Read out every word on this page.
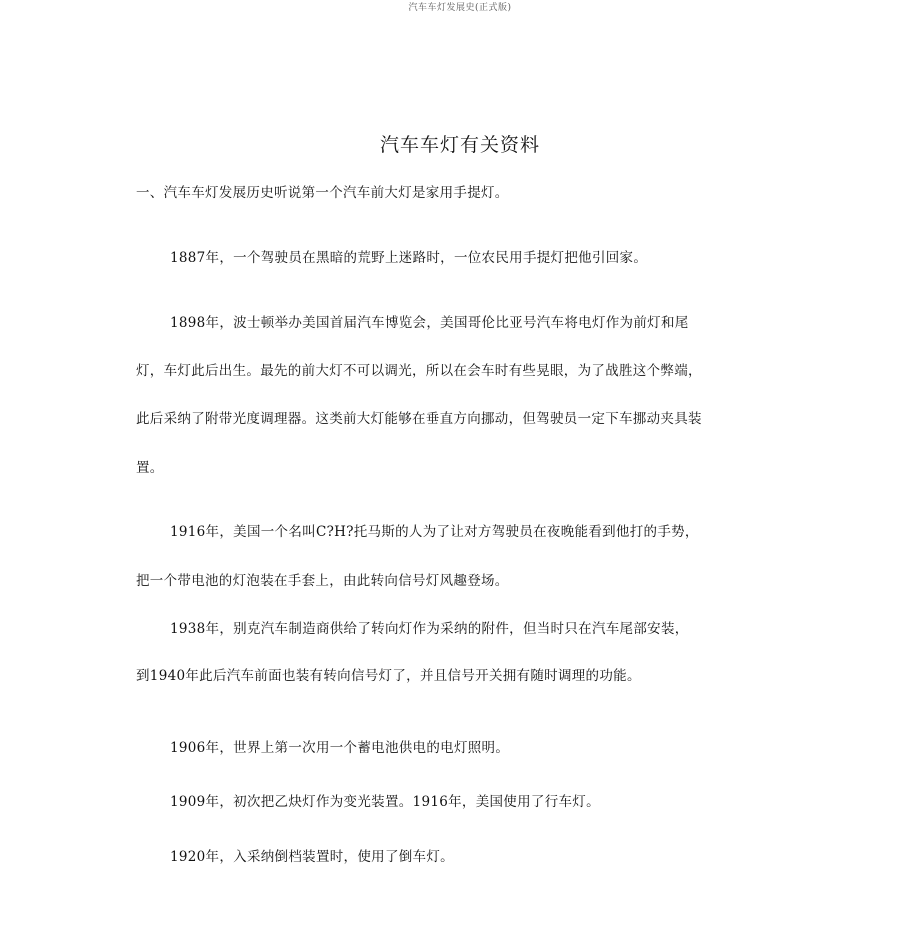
汽车车灯发展史(正式版)
汽车车灯有关资料
一、汽车车灯发展历史听说第一个汽车前大灯是家用手提灯。
1887年，一个驾驶员在黑暗的荒野上迷路时，一位农民用手提灯把他引回家。
1898年，波士顿举办美国首届汽车博览会，美国哥伦比亚号汽车将电灯作为前灯和尾
灯，车灯此后出生。最先的前大灯不可以调光，所以在会车时有些晃眼，为了战胜这个弊端，
此后采纳了附带光度调理器。这类前大灯能够在垂直方向挪动，但驾驶员一定下车挪动夹具装
置。
1916年，美国一个名叫C?H?托马斯的人为了让对方驾驶员在夜晚能看到他打的手势，
把一个带电池的灯泡装在手套上，由此转向信号灯风趣登场。
1938年，别克汽车制造商供给了转向灯作为采纳的附件，但当时只在汽车尾部安装，
到1940年此后汽车前面也装有转向信号灯了，并且信号开关拥有随时调理的功能。
1906年，世界上第一次用一个蓄电池供电的电灯照明。
1909年，初次把乙炔灯作为变光装置。1916年，美国使用了行车灯。
1920年，入采纳倒档装置时，使用了倒车灯。
